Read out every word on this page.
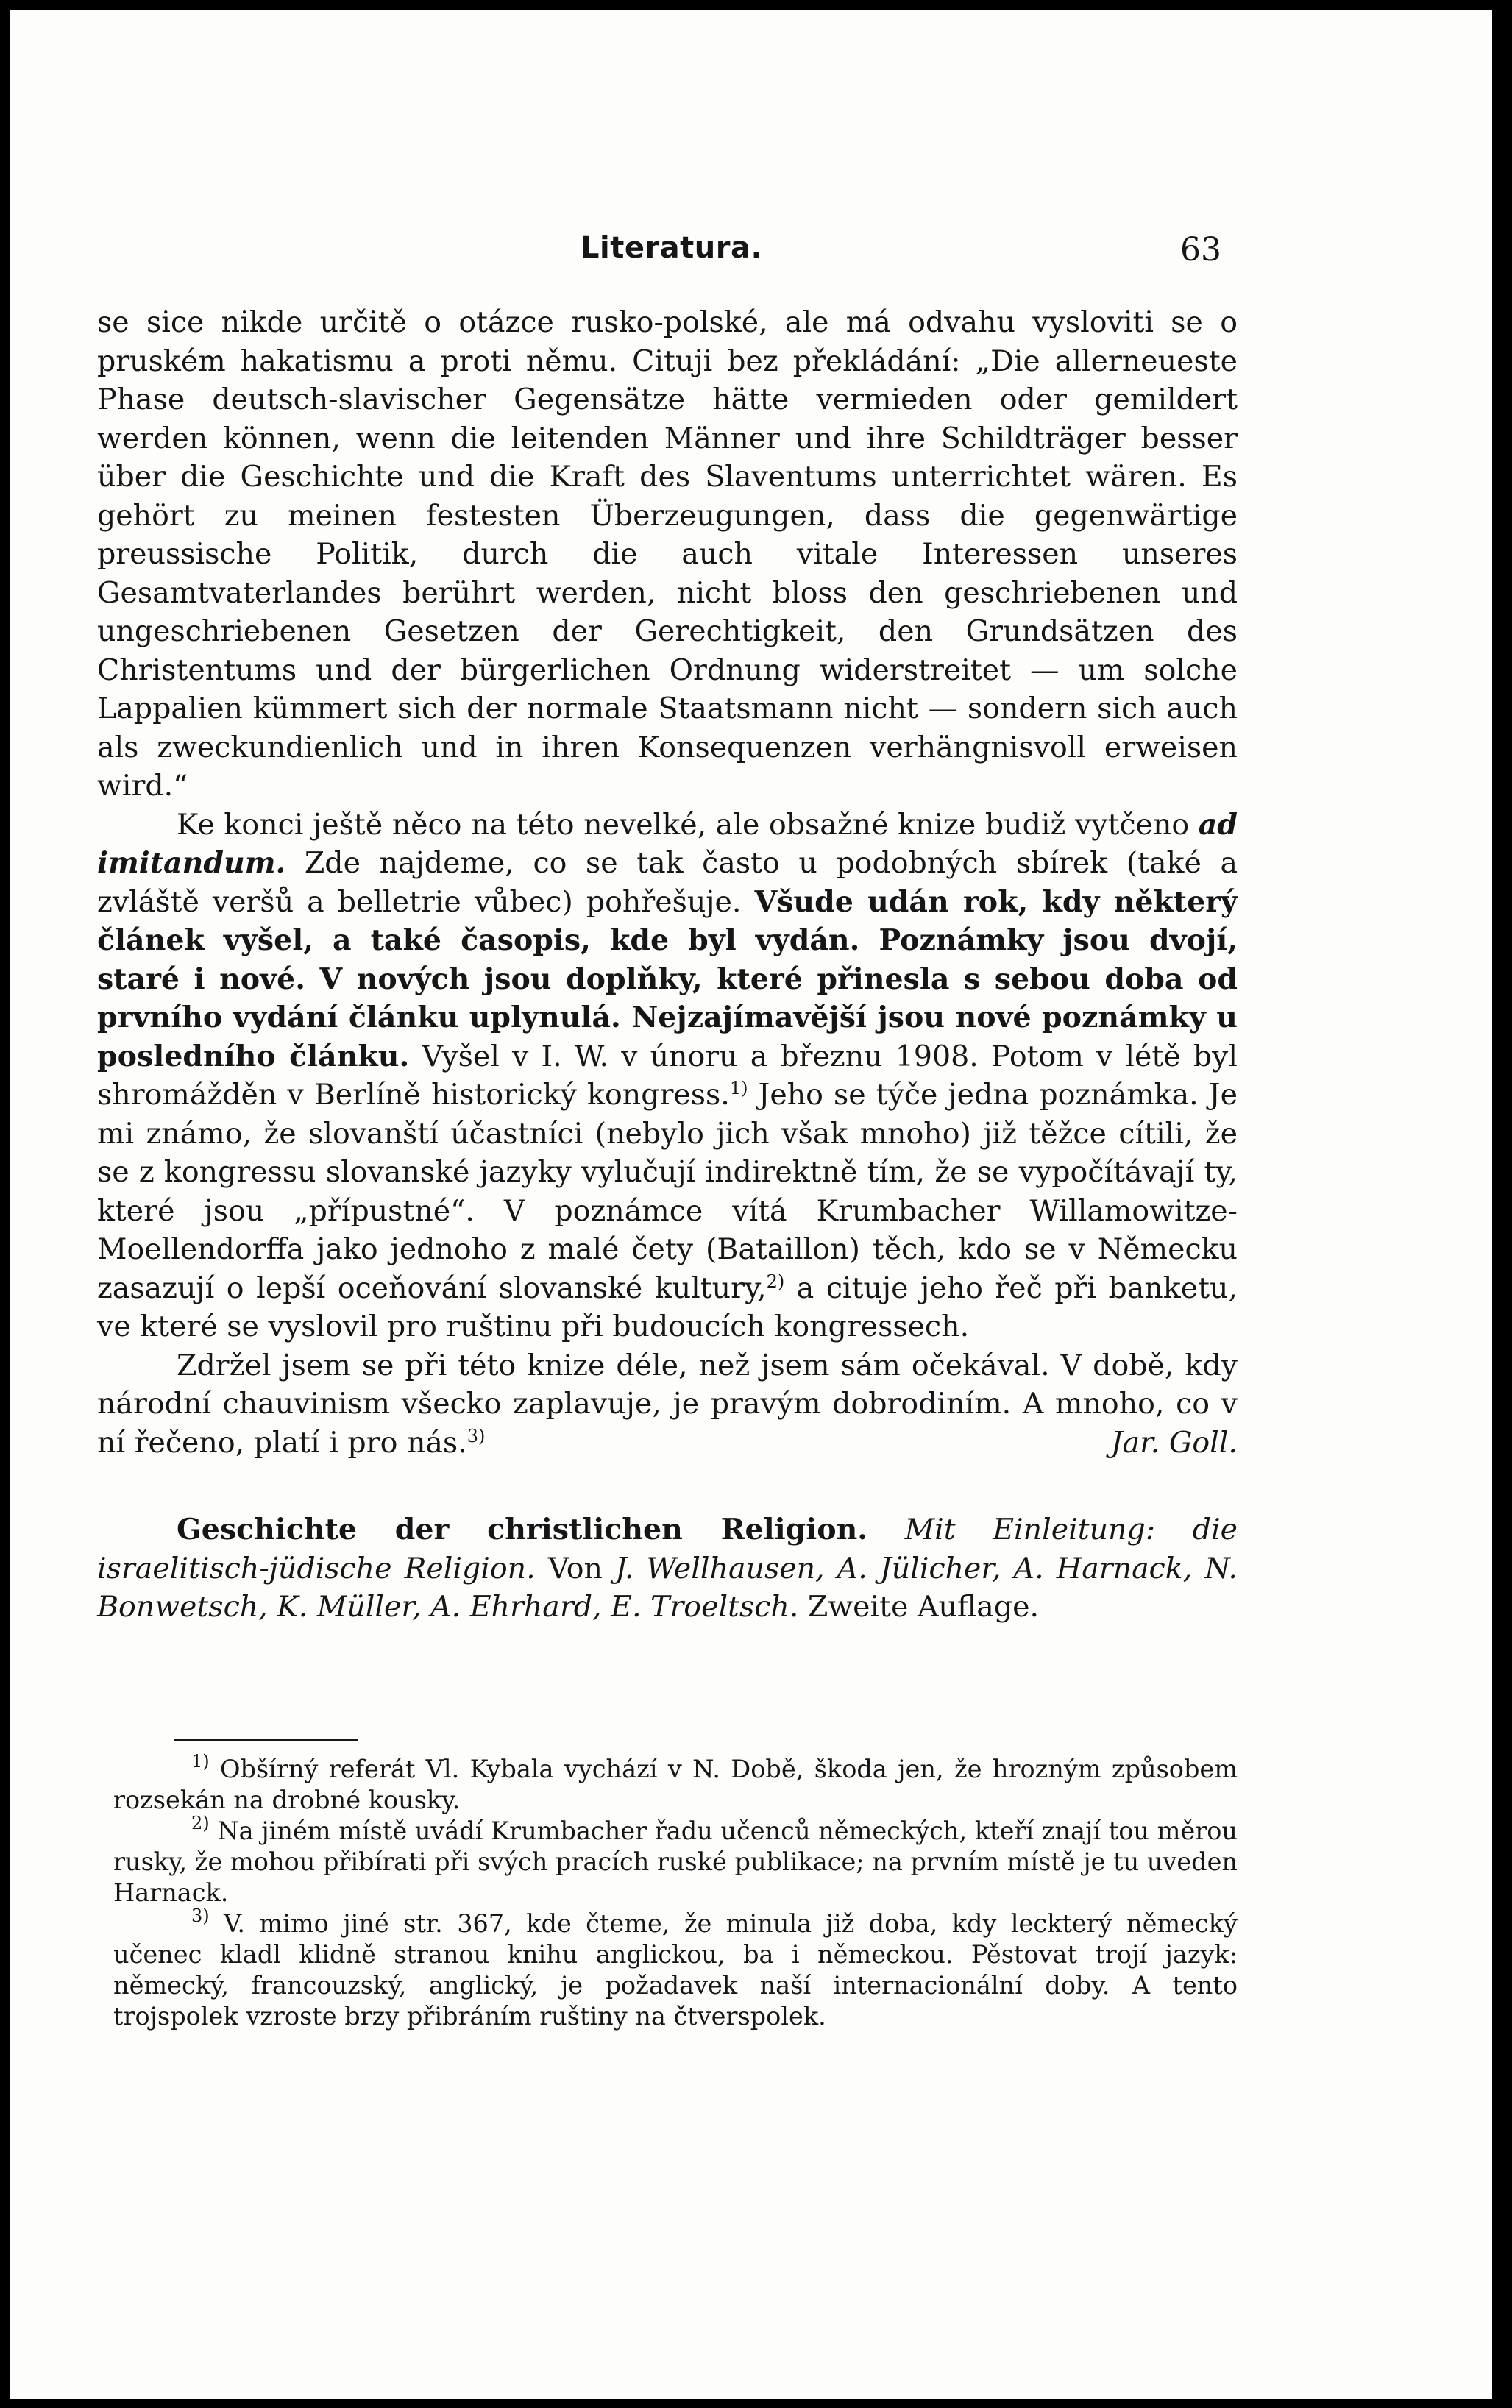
Literatura.	63

se sice nikde určitě o otázce rusko-polské, ale má odvahu vysloviti se o pruském hakatismu a proti němu. Cituji bez překládání: „Die allerneueste Phase deutsch-slavischer Gegensätze hätte vermieden oder gemildert werden können, wenn die leitenden Männer und ihre Schildträger besser über die Geschichte und die Kraft des Slaventums unterrichtet wären. Es gehört zu meinen festesten Überzeugungen, dass die gegenwärtige preussische Politik, durch die auch vitale Interessen unseres Gesamtvaterlandes berührt werden, nicht bloss den geschriebenen und ungeschriebenen Gesetzen der Gerechtigkeit, den Grundsätzen des Christentums und der bürgerlichen Ordnung widerstreitet — um solche Lappalien kümmert sich der normale Staatsmann nicht — sondern sich auch als zweckundienlich und in ihren Konsequenzen verhängnisvoll erweisen wird.“

Ke konci ještě něco na této nevelké, ale obsažné knize budiž vytčeno ad imitandum. Zde najdeme, co se tak často u podobných sbírek (také a zvláště veršů a belletrie vůbec) pohřešuje. Všude udán rok, kdy některý článek vyšel, a také časopis, kde byl vydán. Poznámky jsou dvojí, staré i nové. V nových jsou doplňky, které přinesla s sebou doba od prvního vydání článku uplynulá. Nejzajímavější jsou nové poznámky u posledního článku. Vyšel v I. W. v únoru a březnu 1908. Potom v létě byl shromážděn v Berlíně historický kongress.$^{1)}$ Jeho se týče jedna poznámka. Je mi známo, že slovanští účastníci (nebylo jich však mnoho) již těžce cítili, že se z kongressu slovanské jazyky vylučují indirektně tím, že se vypočítávají ty, které jsou „přípustné“. V poznámce vítá Krumbacher Willamowitze-Moellendorffa jako jednoho z malé čety (Bataillon) těch, kdo se v Německu zasazují o lepší oceňování slovanské kultury,$^{2)}$ a cituje jeho řeč při banketu, ve které se vyslovil pro ruštinu při budoucích kongressech.

Zdržel jsem se při této knize déle, než jsem sám očekával. V době, kdy národní chauvinism všecko zaplavuje, je pravým dobrodiním. A mnoho, co v ní řečeno, platí i pro nás.$^{3)}$	Jar. Goll.

Geschichte der christlichen Religion. Mit Einleitung: die israelitisch-jüdische Religion. Von J. Wellhausen, A. Jülicher, A. Harnack, N. Bonwetsch, K. Müller, A. Ehrhard, E. Troeltsch. Zweite Auflage.

$^{1)}$ Obšírný referát Vl. Kybala vychází v N. Době, škoda jen, že hrozným způsobem rozsekán na drobné kousky.

$^{2)}$ Na jiném místě uvádí Krumbacher řadu učenců německých, kteří znají tou měrou rusky, že mohou přibírati při svých pracích ruské publikace; na prvním místě je tu uveden Harnack.

$^{3)}$ V. mimo jiné str. 367, kde čteme, že minula již doba, kdy leckterý německý učenec kladl klidně stranou knihu anglickou, ba i německou. Pěstovat trojí jazyk: německý, francouzský, anglický, je požadavek naší internacionální doby. A tento trojspolek vzroste brzy přibráním ruštiny na čtverspolek.
